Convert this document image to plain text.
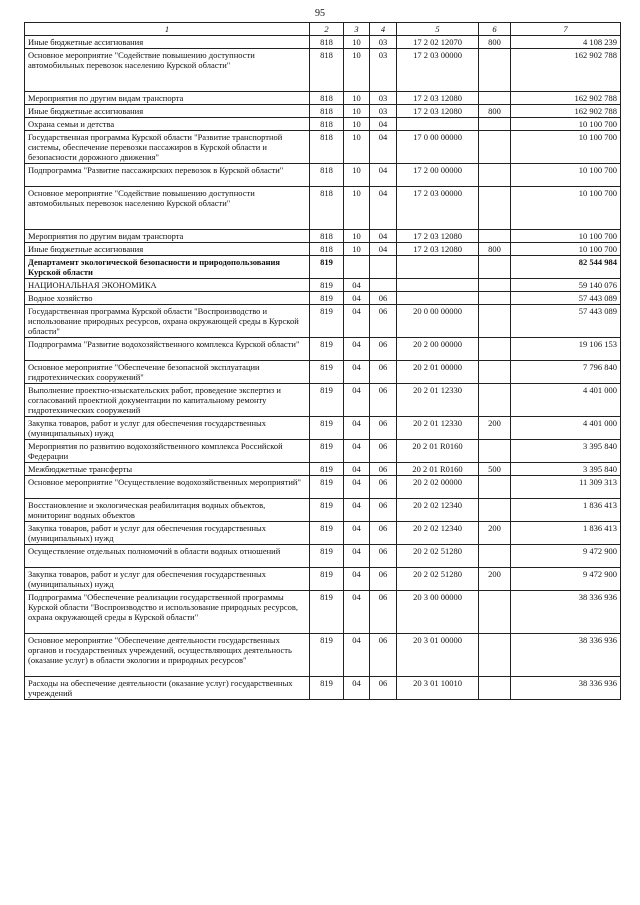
95
1	2	3	4	5	6	7
Иные бюджетные ассигнования	818	10	03	17 2 02 12070	800	4 108 239
Основное мероприятие "Содействие повышению доступности автомобильных перевозок населению Курской области"	818	10	03	17 2 03 00000		162 902 788
Мероприятия по другим видам транспорта	818	10	03	17 2 03 12080		162 902 788
Иные бюджетные ассигнования	818	10	03	17 2 03 12080	800	162 902 788
Охрана семьи и детства	818	10	04			10 100 700
Государственная программа Курской области "Развитие транспортной системы, обеспечение перевозки пассажиров в Курской области и безопасности дорожного движения"	818	10	04	17 0 00 00000		10 100 700
Подпрограмма "Развитие пассажирских перевозок в Курской области"	818	10	04	17 2 00 00000		10 100 700
Основное мероприятие "Содействие повышению доступности автомобильных перевозок населению Курской области"	818	10	04	17 2 03 00000		10 100 700
Мероприятия по другим видам транспорта	818	10	04	17 2 03 12080		10 100 700
Иные бюджетные ассигнования	818	10	04	17 2 03 12080	800	10 100 700
Департамент экологической безопасности и природопользования Курской области	819					82 544 984
НАЦИОНАЛЬНАЯ ЭКОНОМИКА	819	04				59 140 076
Водное хозяйство	819	04	06			57 443 089
Государственная программа Курской области "Воспроизводство и использование природных ресурсов, охрана окружающей среды в Курской области"	819	04	06	20 0 00 00000		57 443 089
Подпрограмма "Развитие водохозяйственного комплекса Курской области"	819	04	06	20 2 00 00000		19 106 153
Основное мероприятие "Обеспечение безопасной эксплуатации гидротехнических сооружений"	819	04	06	20 2 01 00000		7 796 840
Выполнение проектно-изыскательских работ, проведение экспертиз и согласований проектной документации по капитальному ремонту гидротехнических сооружений	819	04	06	20 2 01 12330		4 401 000
Закупка товаров, работ и услуг для обеспечения государственных (муниципальных) нужд	819	04	06	20 2 01 12330	200	4 401 000
Мероприятия по развитию водохозяйственного комплекса Российской Федерации	819	04	06	20 2 01 R0160		3 395 840
Межбюджетные трансферты	819	04	06	20 2 01 R0160	500	3 395 840
Основное мероприятие "Осуществление водохозяйственных мероприятий"	819	04	06	20 2 02 00000		11 309 313
Восстановление и экологическая реабилитация водных объектов, мониторинг водных объектов	819	04	06	20 2 02 12340		1 836 413
Закупка товаров, работ и услуг для обеспечения государственных (муниципальных) нужд	819	04	06	20 2 02 12340	200	1 836 413
Осуществление отдельных полномочий в области водных отношений	819	04	06	20 2 02 51280		9 472 900
Закупка товаров, работ и услуг для обеспечения государственных (муниципальных) нужд	819	04	06	20 2 02 51280	200	9 472 900
Подпрограмма "Обеспечение реализации государственной программы Курской области "Воспроизводство и использование природных ресурсов, охрана окружающей среды в Курской области"	819	04	06	20 3 00 00000		38 336 936
Основное мероприятие "Обеспечение деятельности государственных органов и государственных учреждений, осуществляющих деятельность (оказание услуг) в области экологии и природных ресурсов"	819	04	06	20 3 01 00000		38 336 936
Расходы на обеспечение деятельности (оказание услуг) государственных учреждений	819	04	06	20 3 01 10010		38 336 936
